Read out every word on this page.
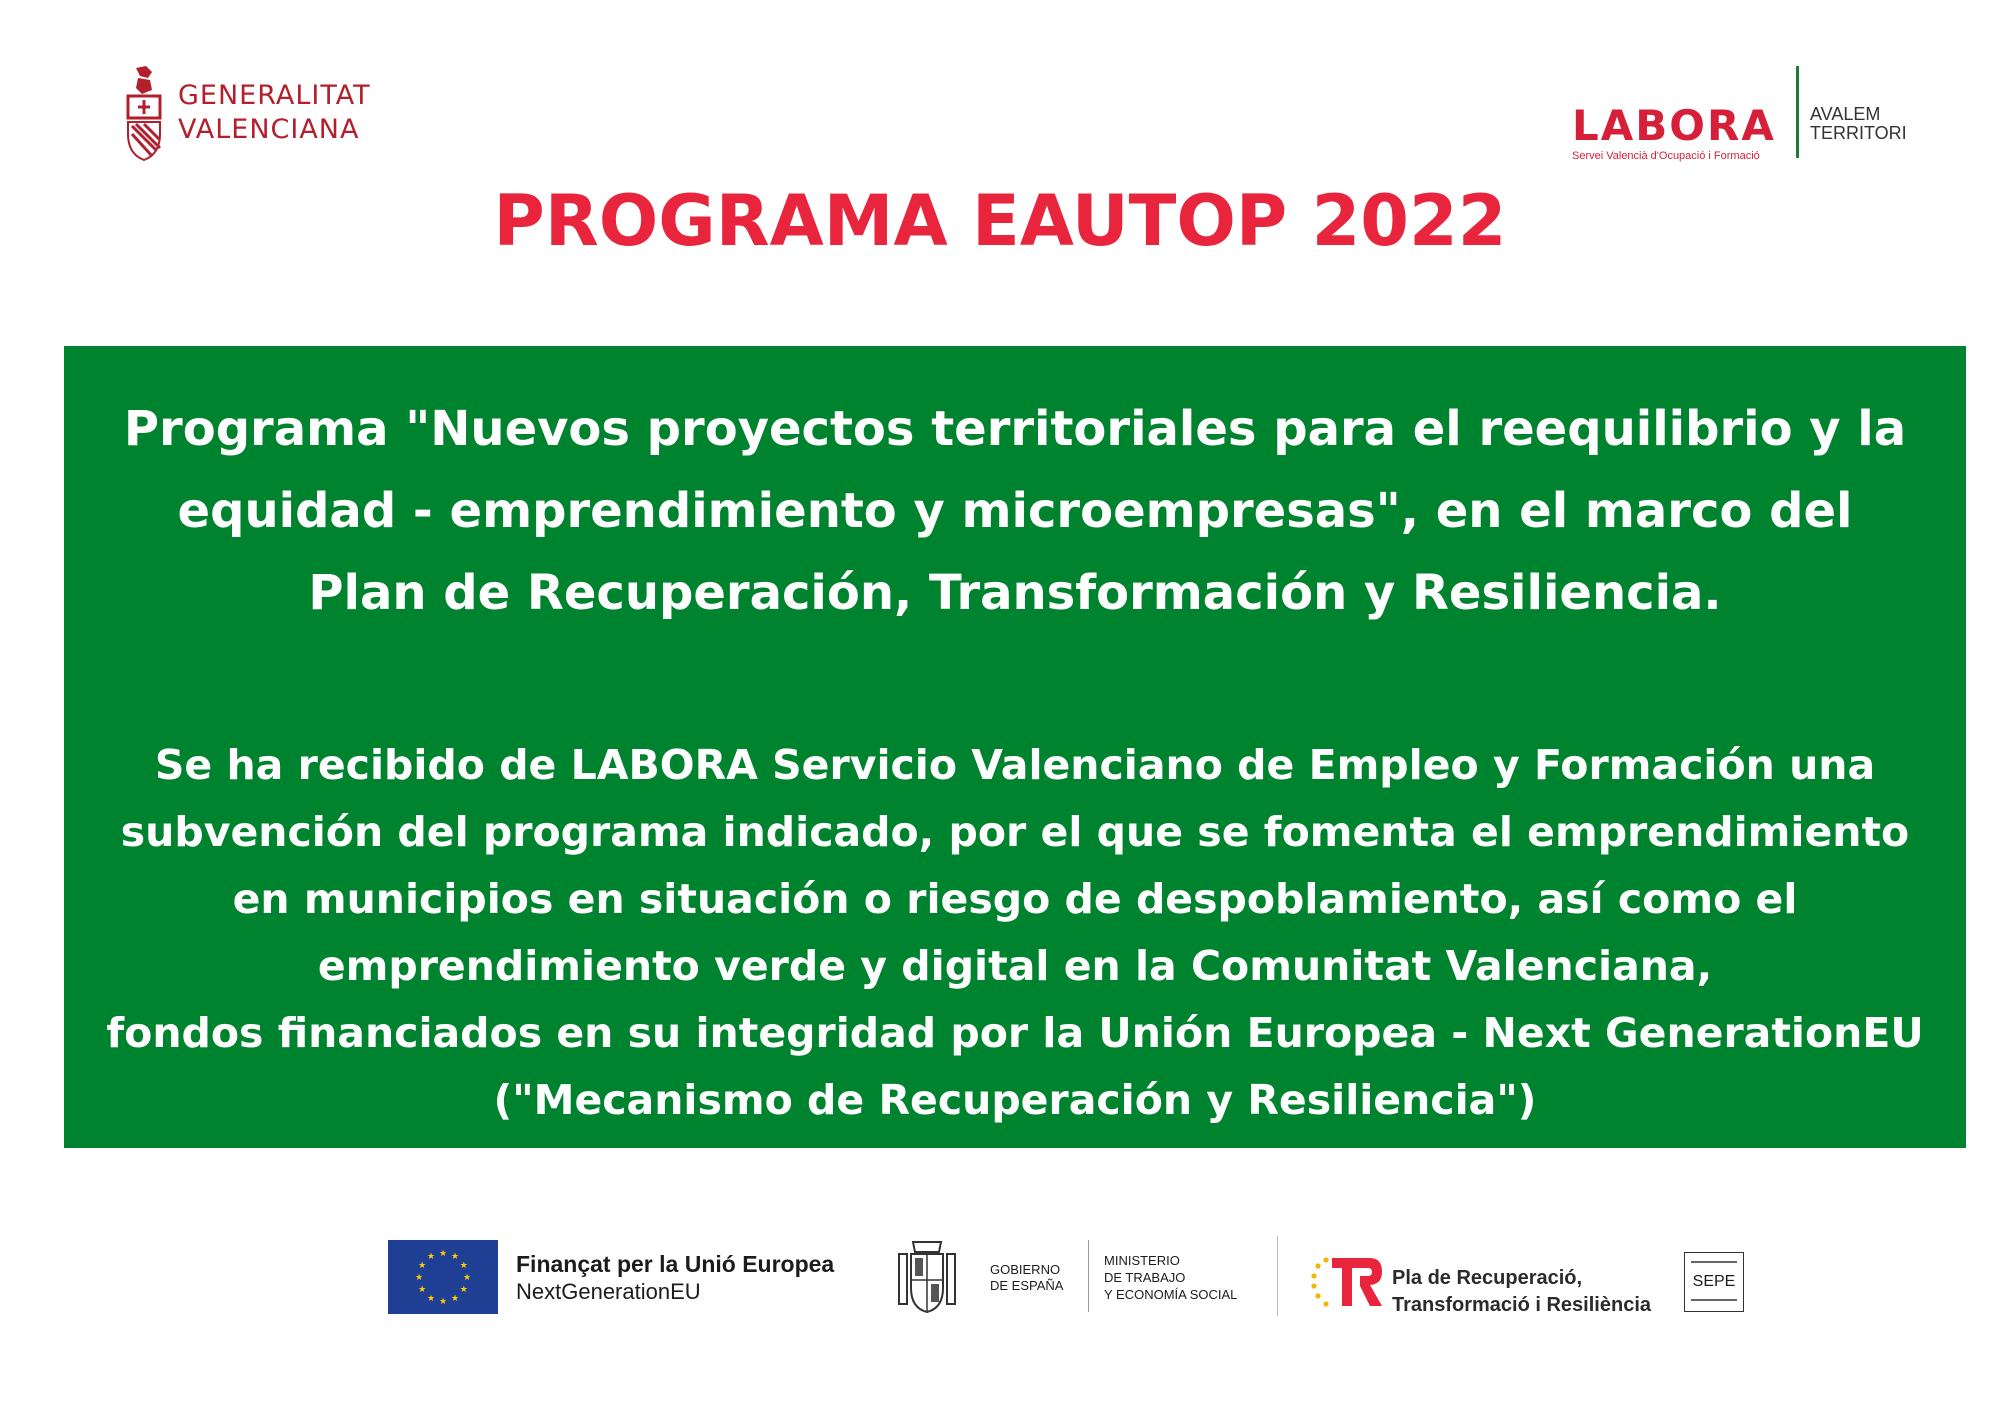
GENERALITAT
VALENCIANA	LABORA
Servei Valencià d'Ocupació i Formació
AVALEM
TERRITORI
PROGRAMA EAUTOP 2022
Programa "Nuevos proyectos territoriales para el reequilibrio y la
equidad - emprendimiento y microempresas", en el marco del
Plan de Recuperación, Transformación y Resiliencia.
Se ha recibido de LABORA Servicio Valenciano de Empleo y Formación una
subvención del programa indicado, por el que se fomenta el emprendimiento
en municipios en situación o riesgo de despoblamiento, así como el
emprendimiento verde y digital en la Comunitat Valenciana,
fondos financiados en su integridad por la Unión Europea - Next GenerationEU
("Mecanismo de Recuperación y Resiliencia")
★ ★
★
★
★
★
★
★
★
★
★
★	Finançat per la Unió Europea
NextGenerationEU
GOBIERNO
DE ESPAÑA
MINISTERIO
DE TRABAJO
Y ECONOMÍA SOCIAL
Pla de Recuperació,
Transformació i Resiliència
SEPE
